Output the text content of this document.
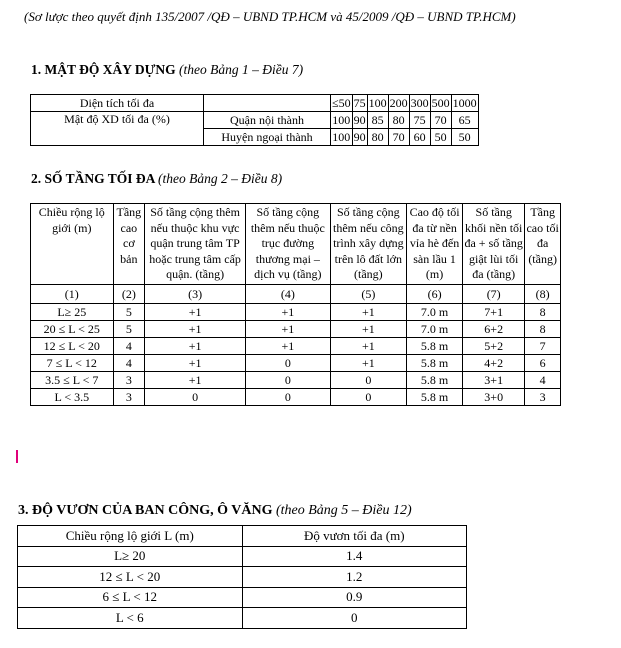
(Sơ lược theo quyết định 135/2007 /QĐ – UBND TP.HCM và 45/2009 /QĐ – UBND TP.HCM)
1. MẬT ĐỘ XÂY DỰNG (theo Bảng 1 – Điều 7)
Diện tích tối đa		≤50	75	100	200	300	500	1000
Mật độ XD tối đa (%)	Quận nội thành	100	90	85	80	75	70	65
	Huyện ngoại thành	100	90	80	70	60	50	50
2. SỐ TẦNG TỐI ĐA (theo Bảng 2 – Điều 8)
Chiều rộng lộ giới (m)	Tầng cao cơ bản	Số tầng cộng thêm nếu thuộc khu vực quận trung tâm TP hoặc trung tâm cấp quận. (tầng)	Số tầng cộng thêm nếu thuộc trục đường thương mại – dịch vụ (tầng)	Số tầng cộng thêm nếu công trình xây dựng trên lô đất lớn (tầng)	Cao độ tối đa từ nền vỉa hè đến sàn lầu 1 (m)	Số tầng khối nền tối đa + số tầng giật lùi tối đa (tầng)	Tầng cao tối đa (tầng)
(1)	(2)	(3)	(4)	(5)	(6)	(7)	(8)
L≥ 25	5	+1	+1	+1	7.0 m	7+1	8
20 ≤ L < 25	5	+1	+1	+1	7.0 m	6+2	8
12 ≤ L < 20	4	+1	+1	+1	5.8 m	5+2	7
7 ≤ L < 12	4	+1	0	+1	5.8 m	4+2	6
3.5 ≤ L < 7	3	+1	0	0	5.8 m	3+1	4
L < 3.5	3	0	0	0	5.8 m	3+0	3
3. ĐỘ VƯƠN CỦA BAN CÔNG, Ô VĂNG (theo Bảng 5 – Điều 12)
Chiều rộng lộ giới L (m)	Độ vươn tối đa (m)
L≥ 20	1.4
12 ≤ L < 20	1.2
6 ≤ L < 12	0.9
L < 6	0
